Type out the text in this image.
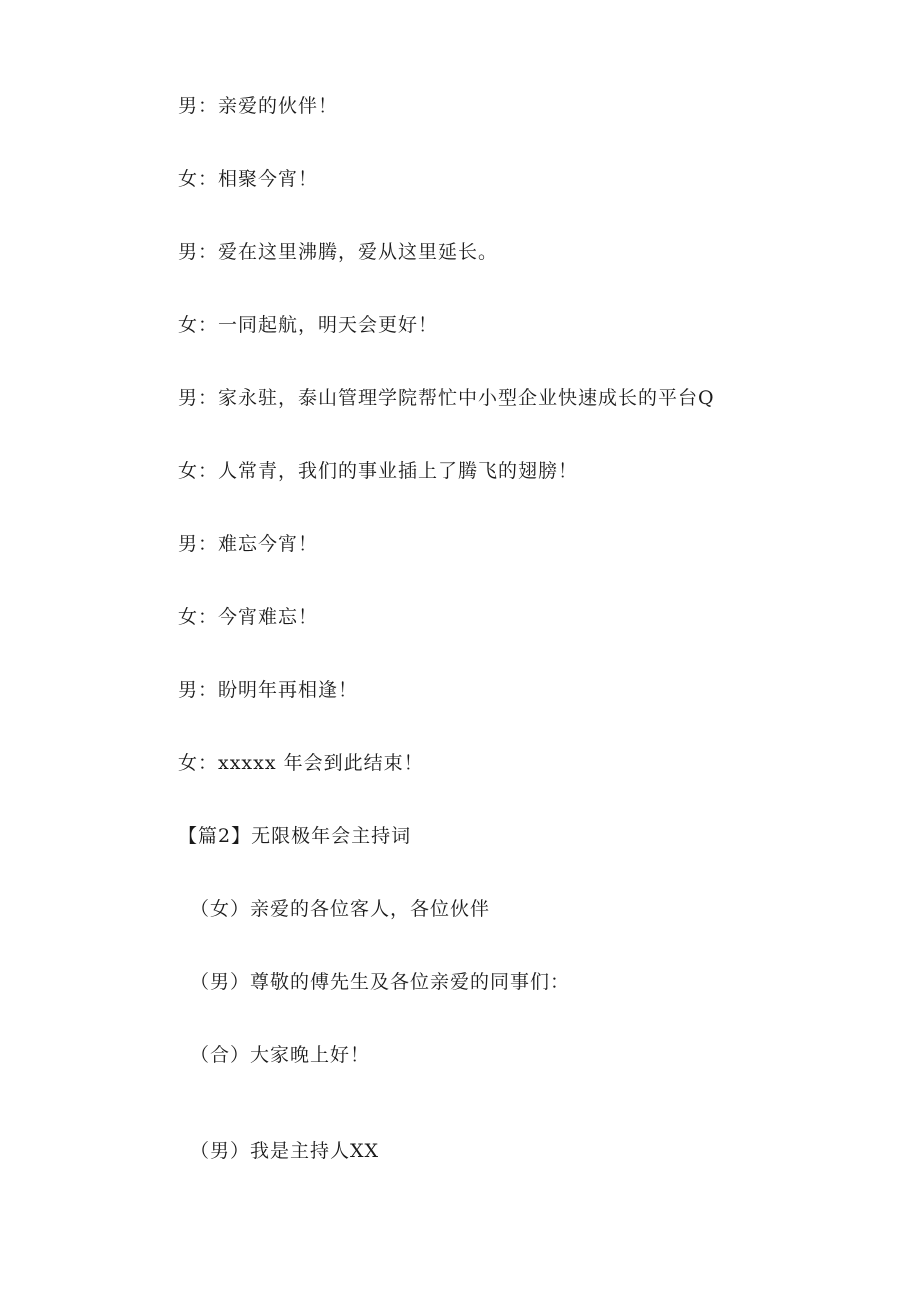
男：亲爱的伙伴！
女：相聚今宵！
男：爱在这里沸腾，爱从这里延长。
女：一同起航，明天会更好！
男：家永驻，泰山管理学院帮忙中小型企业快速成长的平台Q
女：人常青，我们的事业插上了腾飞的翅膀！
男：难忘今宵！
女：今宵难忘！
男：盼明年再相逢！
女：xxxxx 年会到此结束！
【篇2】无限极年会主持词
（女）亲爱的各位客人，各位伙伴
（男）尊敬的傅先生及各位亲爱的同事们：
（合）大家晚上好！
（男）我是主持人XX
